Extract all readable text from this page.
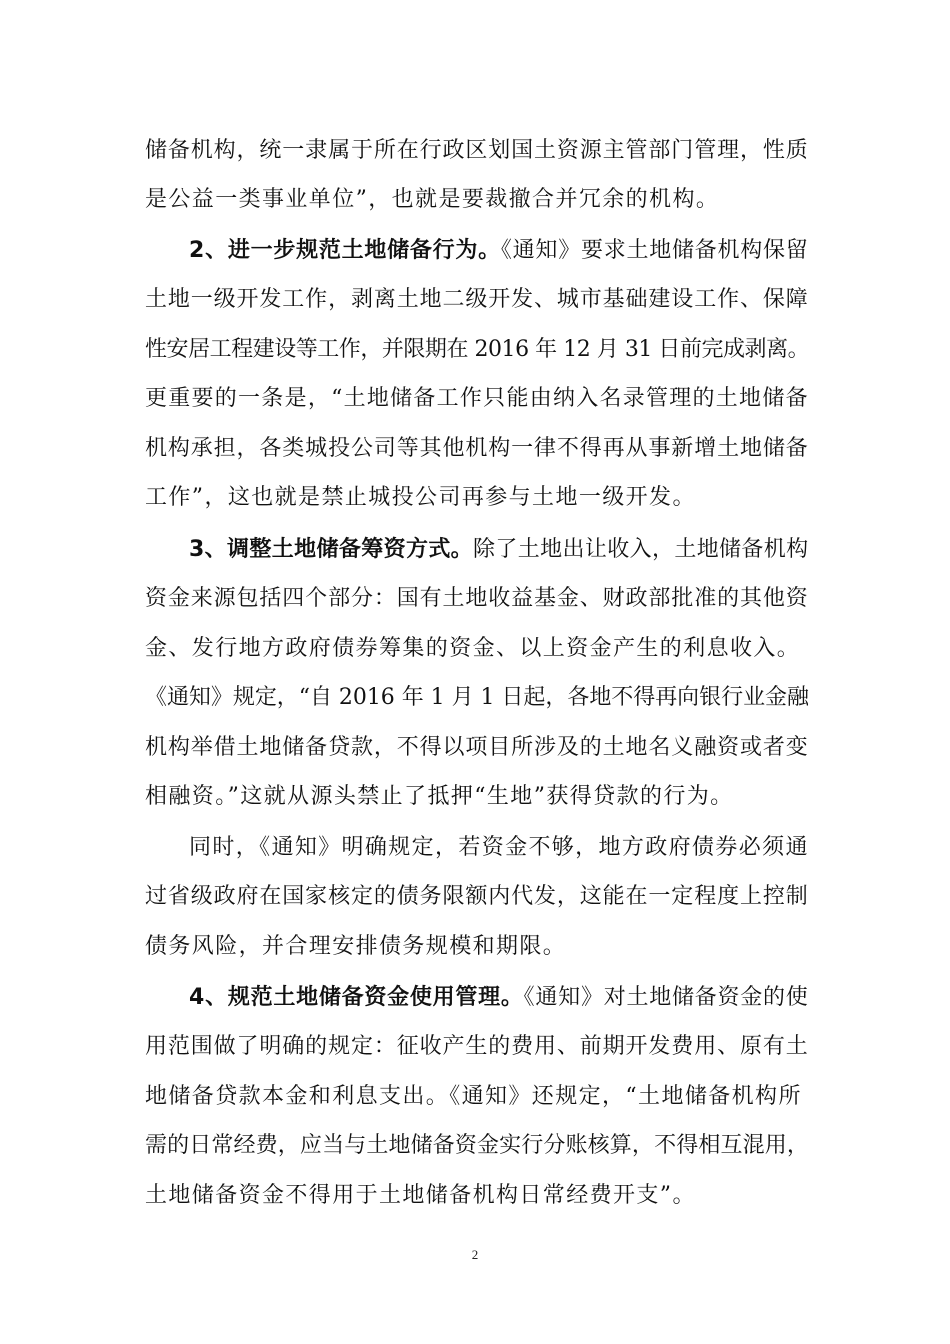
储备机构，统一隶属于所在行政区划国土资源主管部门管理，性质
是公益一类事业单位”，也就是要裁撤合并冗余的机构。
2、进一步规范土地储备行为。《通知》要求土地储备机构保留
土地一级开发工作，剥离土地二级开发、城市基础建设工作、保障
性安居工程建设等工作，并限期在 2016 年 12 月 31 日前完成剥离。
更重要的一条是，“土地储备工作只能由纳入名录管理的土地储备
机构承担，各类城投公司等其他机构一律不得再从事新增土地储备
工作”，这也就是禁止城投公司再参与土地一级开发。
3、调整土地储备筹资方式。除了土地出让收入，土地储备机构
资金来源包括四个部分：国有土地收益基金、财政部批准的其他资
金、发行地方政府债券筹集的资金、以上资金产生的利息收入。
《通知》规定，“自 2016 年 1 月 1 日起，各地不得再向银行业金融
机构举借土地储备贷款，不得以项目所涉及的土地名义融资或者变
相融资。”这就从源头禁止了抵押“生地”获得贷款的行为。
同时，《通知》明确规定，若资金不够，地方政府债券必须通
过省级政府在国家核定的债务限额内代发，这能在一定程度上控制
债务风险，并合理安排债务规模和期限。
4、规范土地储备资金使用管理。《通知》对土地储备资金的使
用范围做了明确的规定：征收产生的费用、前期开发费用、原有土
地储备贷款本金和利息支出。《通知》还规定，“土地储备机构所
需的日常经费，应当与土地储备资金实行分账核算，不得相互混用，
土地储备资金不得用于土地储备机构日常经费开支”。
2
